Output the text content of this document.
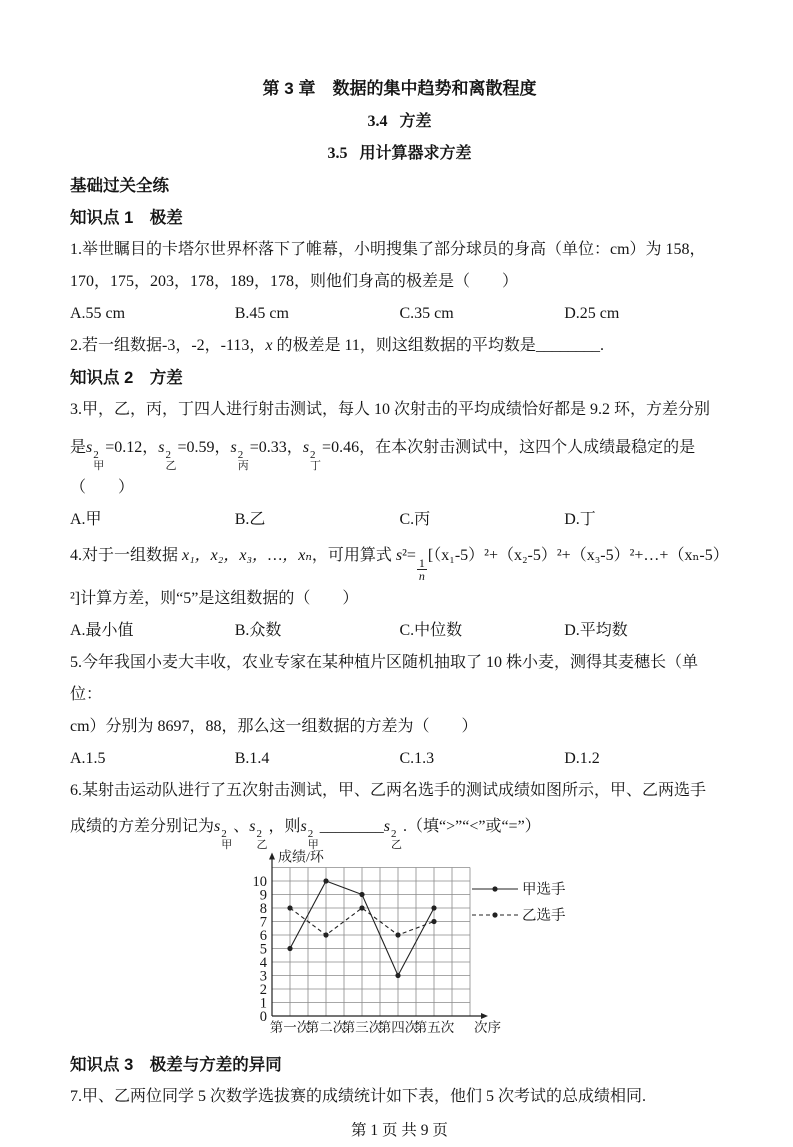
第 3 章　数据的集中趋势和离散程度
3.4 方差
3.5 用计算器求方差
基础过关全练
知识点 1　极差
1.举世瞩目的卡塔尔世界杯落下了帷幕，小明搜集了部分球员的身高（单位：cm）为 158，
170，175，203，178，189，178，则他们身高的极差是（　　）
A.55 cm	B.45 cm	C.35 cm	D.25 cm
2.若一组数据-3，-2，-113，x 的极差是 11，则这组数据的平均数是________.
知识点 2　方差
3.甲，乙，丙，丁四人进行射击测试，每人 10 次射击的平均成绩恰好都是 9.2 环，方差分别
是s 2
甲
=0.12，s 2
乙
=0.59，s 2
丙
=0.33，s 2
丁
=0.46，在本次射击测试中，这四个人成绩最稳定的是
（　　）
A.甲	B.乙	C.丙	D.丁
4.对于一组数据 x₁，x₂，x₃，…，xₙ，可用算式 s²=
$\frac{1}{n}$
[（x₁-5）²+（x₂-5）²+（x₃-5）²+…+（xₙ-5）
²]计算方差，则“5”是这组数据的（　　）
A.最小值	B.众数	C.中位数	D.平均数
5.今年我国小麦大丰收，农业专家在某种植片区随机抽取了 10 株小麦，测得其麦穗长（单位：
cm）分别为 8697，88，那么这一组数据的方差为（　　）
A.1.5	B.1.4	C.1.3	D.1.2
6.某射击运动队进行了五次射击测试，甲、乙两名选手的测试成绩如图所示，甲、乙两选手
成绩的方差分别记为s 2
甲
、s 2
乙
，则s 2
甲
________s 2
乙
.（填“>”“<”或“=”）
成绩/环
0
1
2
3
4
5
6
7
8
9
10
第一次
第二次
第三次
第四次
第五次 次序
甲选手
乙选手
知识点 3　极差与方差的异同
7.甲、乙两位同学 5 次数学选拔赛的成绩统计如下表，他们 5 次考试的总成绩相同.
第 1 页 共 9 页
